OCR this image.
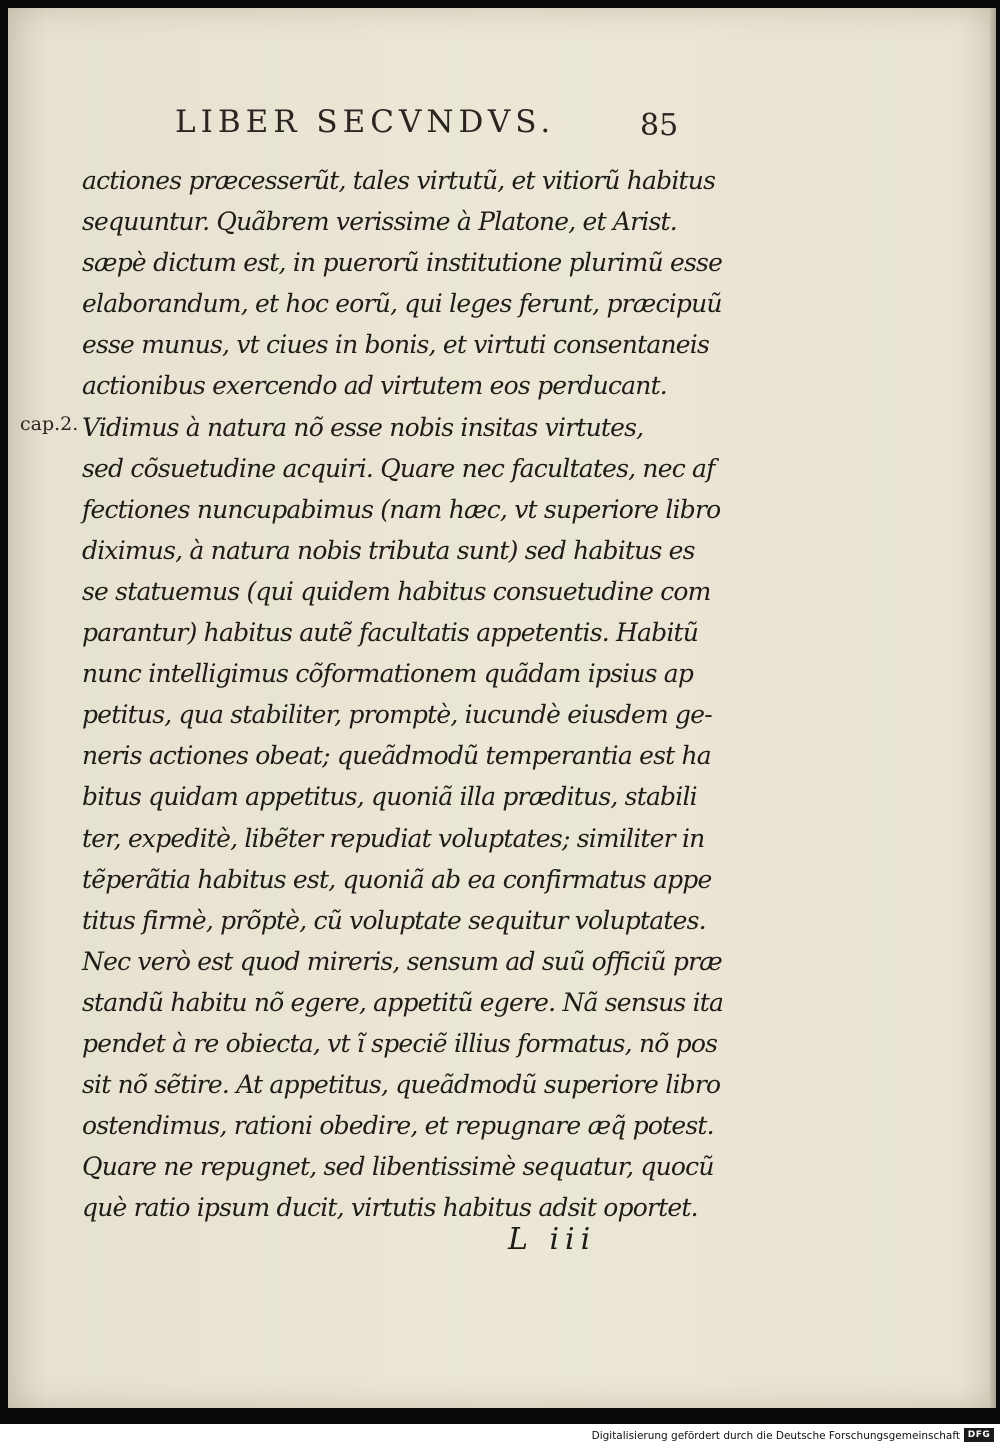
LIBER SECVNDVS.	85
cap.2.
actiones præcesserũt, tales virtutũ, et vitiorũ habitus
sequuntur. Quãbrem verissime à Platone, et Arist.
sæpè dictum est, in puerorũ institutione plurimũ esse
elaborandum, et hoc eorũ, qui leges ferunt, præcipuũ
esse munus, vt ciues in bonis, et virtuti consentaneis
actionibus exercendo ad virtutem eos perducant.
Vidimus à natura nõ esse nobis insitas virtutes,
sed cõsuetudine acquiri. Quare nec facultates, nec af
fectiones nuncupabimus (nam hæc, vt superiore libro
diximus, à natura nobis tributa sunt) sed habitus es
se statuemus (qui quidem habitus consuetudine com
parantur) habitus autẽ facultatis appetentis. Habitũ
nunc intelligimus cõformationem quãdam ipsius ap
petitus, qua stabiliter, promptè, iucundè eiusdem ge-
neris actiones obeat; queãdmodũ temperantia est ha
bitus quidam appetitus, quoniã illa præditus, stabili
ter, expeditè, libẽter repudiat voluptates; similiter in
tẽperãtia habitus est, quoniã ab ea confirmatus appe
titus firmè, prõptè, cũ voluptate sequitur voluptates.
Nec verò est quod mireris, sensum ad suũ officiũ præ
standũ habitu nõ egere, appetitũ egere. Nã sensus ita
pendet à re obiecta, vt ĩ speciẽ illius formatus, nõ pos
sit nõ sẽtire. At appetitus, queãdmodũ superiore libro
ostendimus, rationi obedire, et repugnare æq̃ potest.
Quare ne repugnet, sed libentissimè sequatur, quocũ
què ratio ipsum ducit, virtutis habitus adsit oportet.
L iii
Digitalisierung gefördert durch die Deutsche Forschungsgemeinschaft DFG
